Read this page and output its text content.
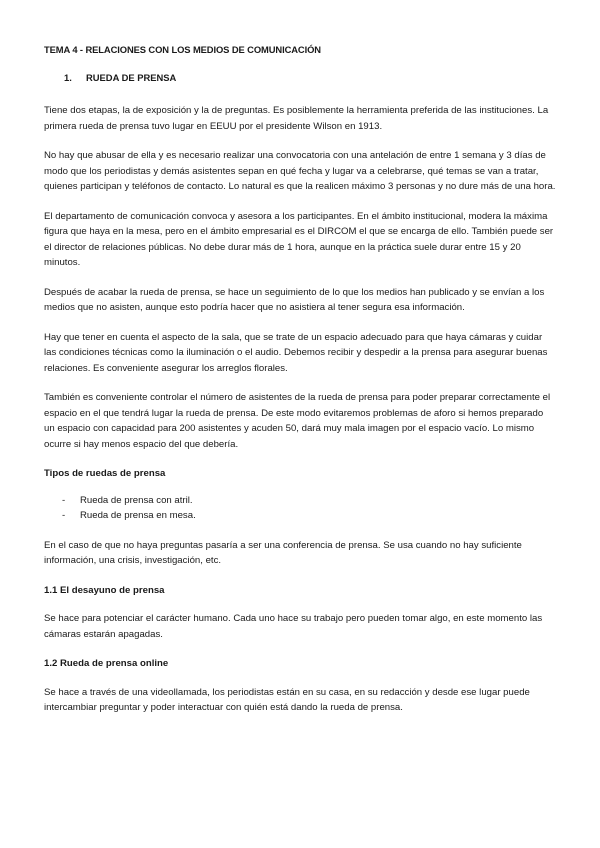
TEMA 4 - RELACIONES CON LOS MEDIOS DE COMUNICACIÓN
1. RUEDA DE PRENSA

Tiene dos etapas, la de exposición y la de preguntas. Es posiblemente la herramienta preferida de las instituciones. La primera rueda de prensa tuvo lugar en EEUU por el presidente Wilson en 1913.

No hay que abusar de ella y es necesario realizar una convocatoria con una antelación de entre 1 semana y 3 días de modo que los periodistas y demás asistentes sepan en qué fecha y lugar va a celebrarse, qué temas se van a tratar, quienes participan y teléfonos de contacto. Lo natural es que la realicen máximo 3 personas y no dure más de una hora.

El departamento de comunicación convoca y asesora a los participantes. En el ámbito institucional, modera la máxima figura que haya en la mesa, pero en el ámbito empresarial es el DIRCOM el que se encarga de ello. También puede ser el director de relaciones públicas. No debe durar más de 1 hora, aunque en la práctica suele durar entre 15 y 20 minutos.

Después de acabar la rueda de prensa, se hace un seguimiento de lo que los medios han publicado y se envían a los medios que no asisten, aunque esto podría hacer que no asistiera al tener segura esa información.

Hay que tener en cuenta el aspecto de la sala, que se trate de un espacio adecuado para que haya cámaras y cuidar las condiciones técnicas como la iluminación o el audio. Debemos recibir y despedir a la prensa para asegurar buenas relaciones. Es conveniente asegurar los arreglos florales.

También es conveniente controlar el número de asistentes de la rueda de prensa para poder preparar correctamente el espacio en el que tendrá lugar la rueda de prensa. De este modo evitaremos problemas de aforo si hemos preparado un espacio con capacidad para 200 asistentes y acuden 50, dará muy mala imagen por el espacio vacío. Lo mismo ocurre si hay menos espacio del que debería.

Tipos de ruedas de prensa

- Rueda de prensa con atril.
- Rueda de prensa en mesa.

En el caso de que no haya preguntas pasaría a ser una conferencia de prensa. Se usa cuando no hay suficiente información, una crisis, investigación, etc.

1.1 El desayuno de prensa

Se hace para potenciar el carácter humano. Cada uno hace su trabajo pero pueden tomar algo, en este momento las cámaras estarán apagadas.

1.2 Rueda de prensa online

Se hace a través de una videollamada, los periodistas están en su casa, en su redacción y desde ese lugar puede intercambiar preguntar y poder interactuar con quién está dando la rueda de prensa.
